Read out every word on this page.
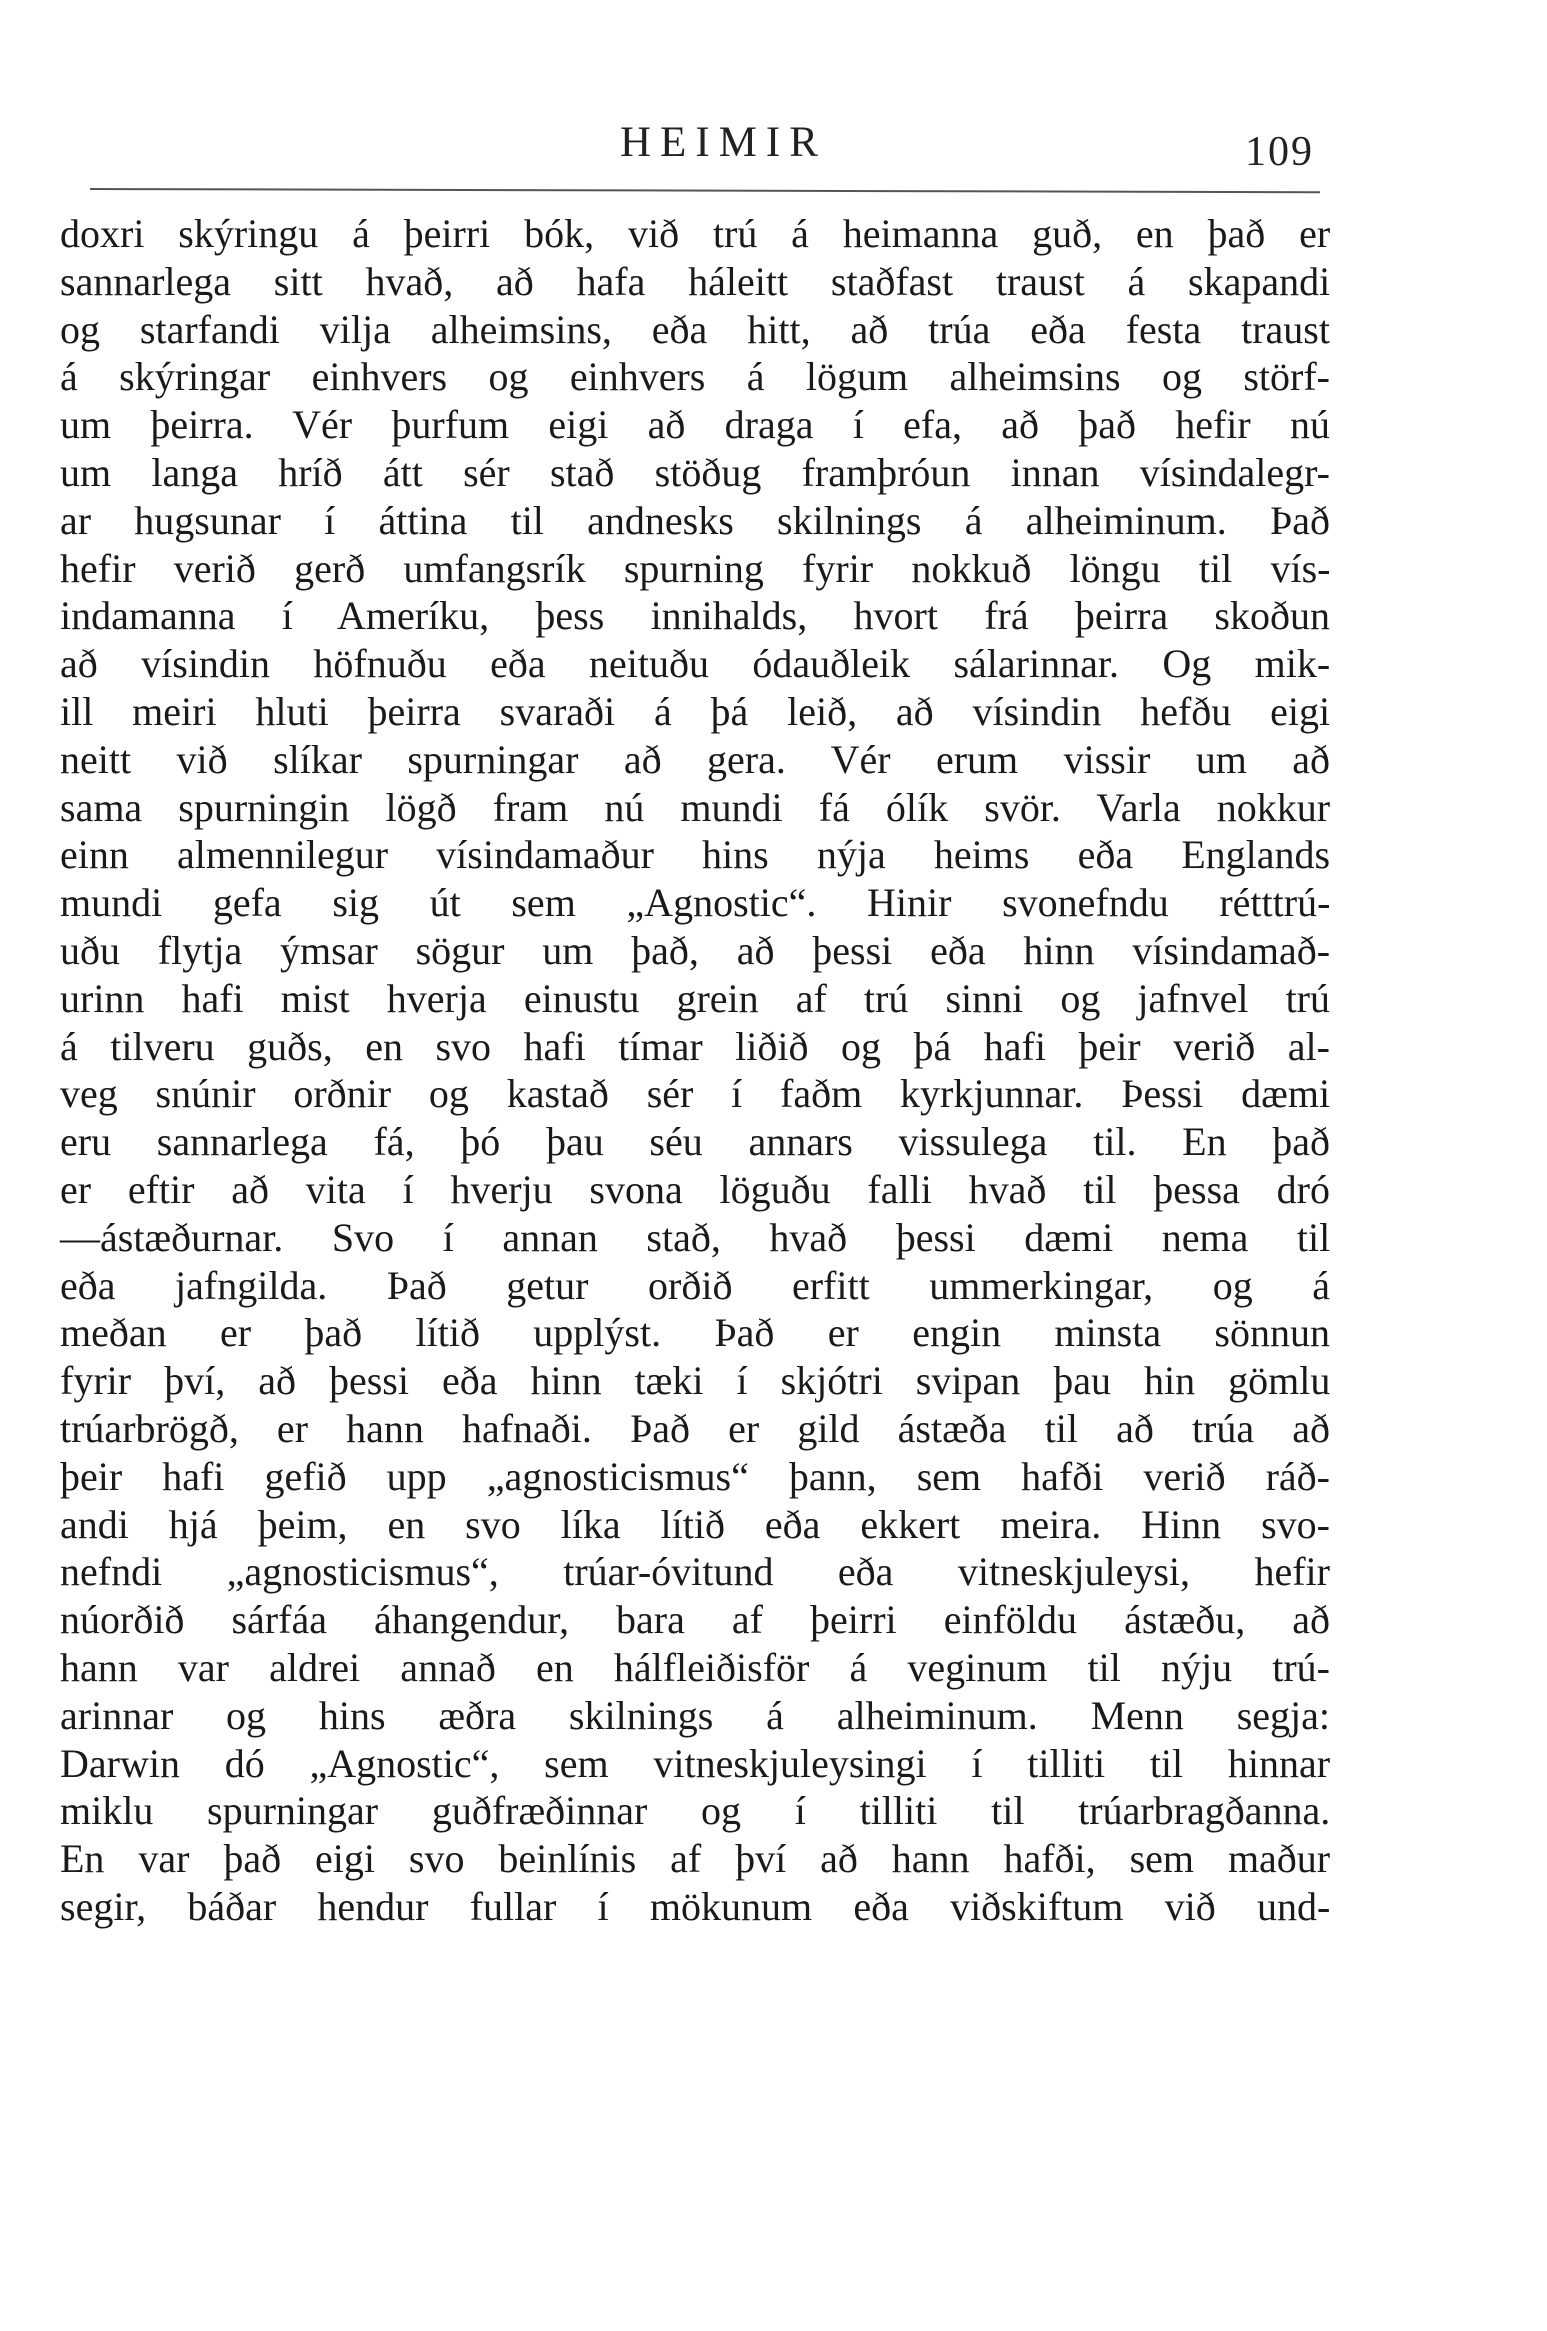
HEIMIR	109
doxri skýringu á þeirri bók, við trú á heimanna guð, en það er
sannarlega sitt hvað, að hafa háleitt staðfast traust á skapandi
og starfandi vilja alheimsins, eða hitt, að trúa eða festa traust
á skýringar einhvers og einhvers á lögum alheimsins og störf-
um þeirra. Vér þurfum eigi að draga í efa, að það hefir nú
um langa hríð átt sér stað stöðug framþróun innan vísindalegr-
ar hugsunar í áttina til andnesks skilnings á alheiminum. Það
hefir verið gerð umfangsrík spurning fyrir nokkuð löngu til vís-
indamanna í Ameríku, þess innihalds, hvort frá þeirra skoðun
að vísindin höfnuðu eða neituðu ódauðleik sálarinnar. Og mik-
ill meiri hluti þeirra svaraði á þá leið, að vísindin hefðu eigi
neitt við slíkar spurningar að gera. Vér erum vissir um að
sama spurningin lögð fram nú mundi fá ólík svör. Varla nokkur
einn almennilegur vísindamaður hins nýja heims eða Englands
mundi gefa sig út sem „Agnostic“. Hinir svonefndu rétttrú-
uðu flytja ýmsar sögur um það, að þessi eða hinn vísindamað-
urinn hafi mist hverja einustu grein af trú sinni og jafnvel trú
á tilveru guðs, en svo hafi tímar liðið og þá hafi þeir verið al-
veg snúnir orðnir og kastað sér í faðm kyrkjunnar. Þessi dæmi
eru sannarlega fá, þó þau séu annars vissulega til. En það
er eftir að vita í hverju svona löguðu falli hvað til þessa dró
—ástæðurnar. Svo í annan stað, hvað þessi dæmi nema til
eða jafngilda. Það getur orðið erfitt ummerkingar, og á
meðan er það lítið upplýst. Það er engin minsta sönnun
fyrir því, að þessi eða hinn tæki í skjótri svipan þau hin gömlu
trúarbrögð, er hann hafnaði. Það er gild ástæða til að trúa að
þeir hafi gefið upp „agnosticismus“ þann, sem hafði verið ráð-
andi hjá þeim, en svo líka lítið eða ekkert meira. Hinn svo-
nefndi „agnosticismus“, trúar-óvitund eða vitneskjuleysi, hefir
núorðið sárfáa áhangendur, bara af þeirri einföldu ástæðu, að
hann var aldrei annað en hálfleiðisför á veginum til nýju trú-
arinnar og hins æðra skilnings á alheiminum. Menn segja:
Darwin dó „Agnostic“, sem vitneskjuleysingi í tilliti til hinnar
miklu spurningar guðfræðinnar og í tilliti til trúarbragðanna.
En var það eigi svo beinlínis af því að hann hafði, sem maður
segir, báðar hendur fullar í mökunum eða viðskiftum við und-
